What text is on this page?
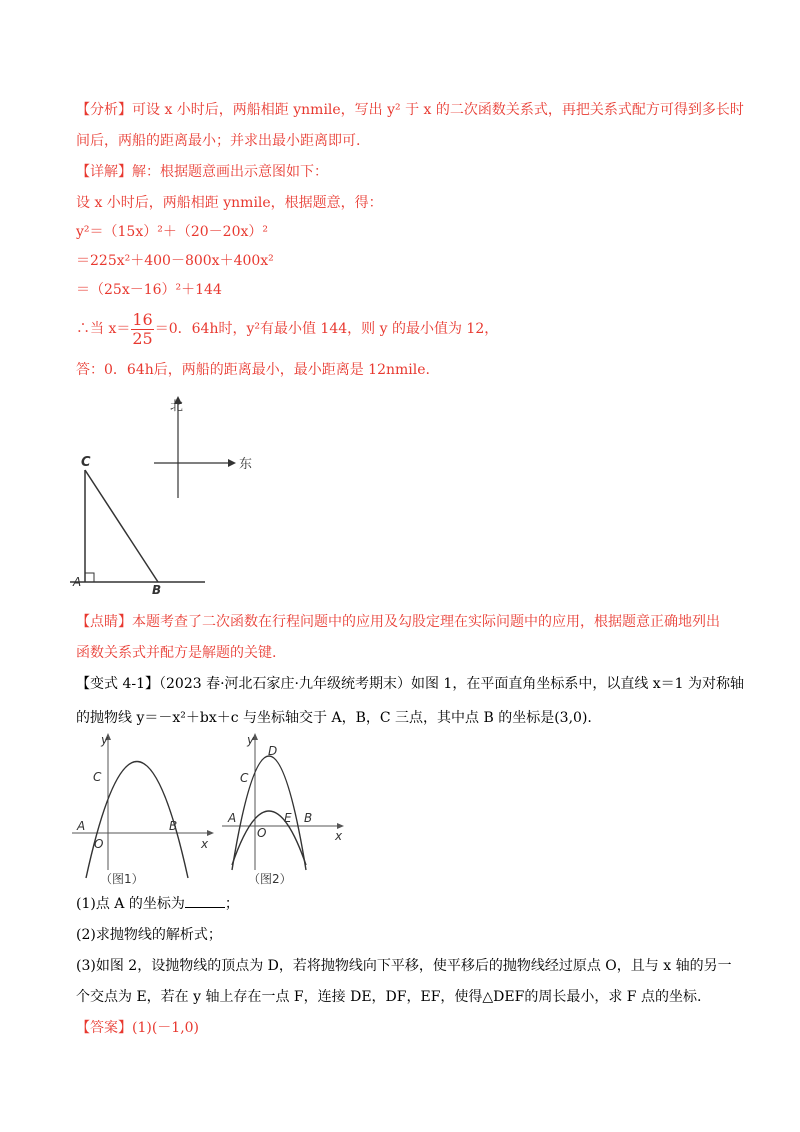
【分析】可设 x 小时后，两船相距 ynmile，写出 y² 于 x 的二次函数关系式，再把关系式配方可得到多长时
间后，两船的距离最小；并求出最小距离即可.
【详解】解：根据题意画出示意图如下：
设 x 小时后，两船相距 ynmile，根据题意，得：
y²＝（15x）²＋（20－20x）²
＝225x²＋400－800x＋400x²
＝（25x－16）²＋144
∴当 $x= \frac{16}{25} =0$．64h时，y²有最小值 144，则 y 的最小值为 12，
答：0．64h后，两船的距离最小，最小距离是 12nmile.
北
东
C
A
B
【点睛】本题考查了二次函数在行程问题中的应用及勾股定理在实际问题中的应用，根据题意正确地列出
函数关系式并配方是解题的关键.
【变式 4-1】（2023 春·河北石家庄·九年级统考期末）如图 1，在平面直角坐标系中，以直线 x＝1 为对称轴
的抛物线 y＝－x²＋bx＋c 与坐标轴交于 A，B，C 三点，其中点 B 的坐标是(3,0).
y
x
O
A	B
C
（图1）
y
x
O
A	B
C
D
E
（图2）
(1)点 A 的坐标为	；
(2)求抛物线的解析式；
(3)如图 2，设抛物线的顶点为 D，若将抛物线向下平移，使平移后的抛物线经过原点 O，且与 x 轴的另一
个交点为 E，若在 y 轴上存在一点 F，连接 DE，DF，EF，使得△DEF的周长最小，求 F 点的坐标.
【答案】(1)(－1,0)
